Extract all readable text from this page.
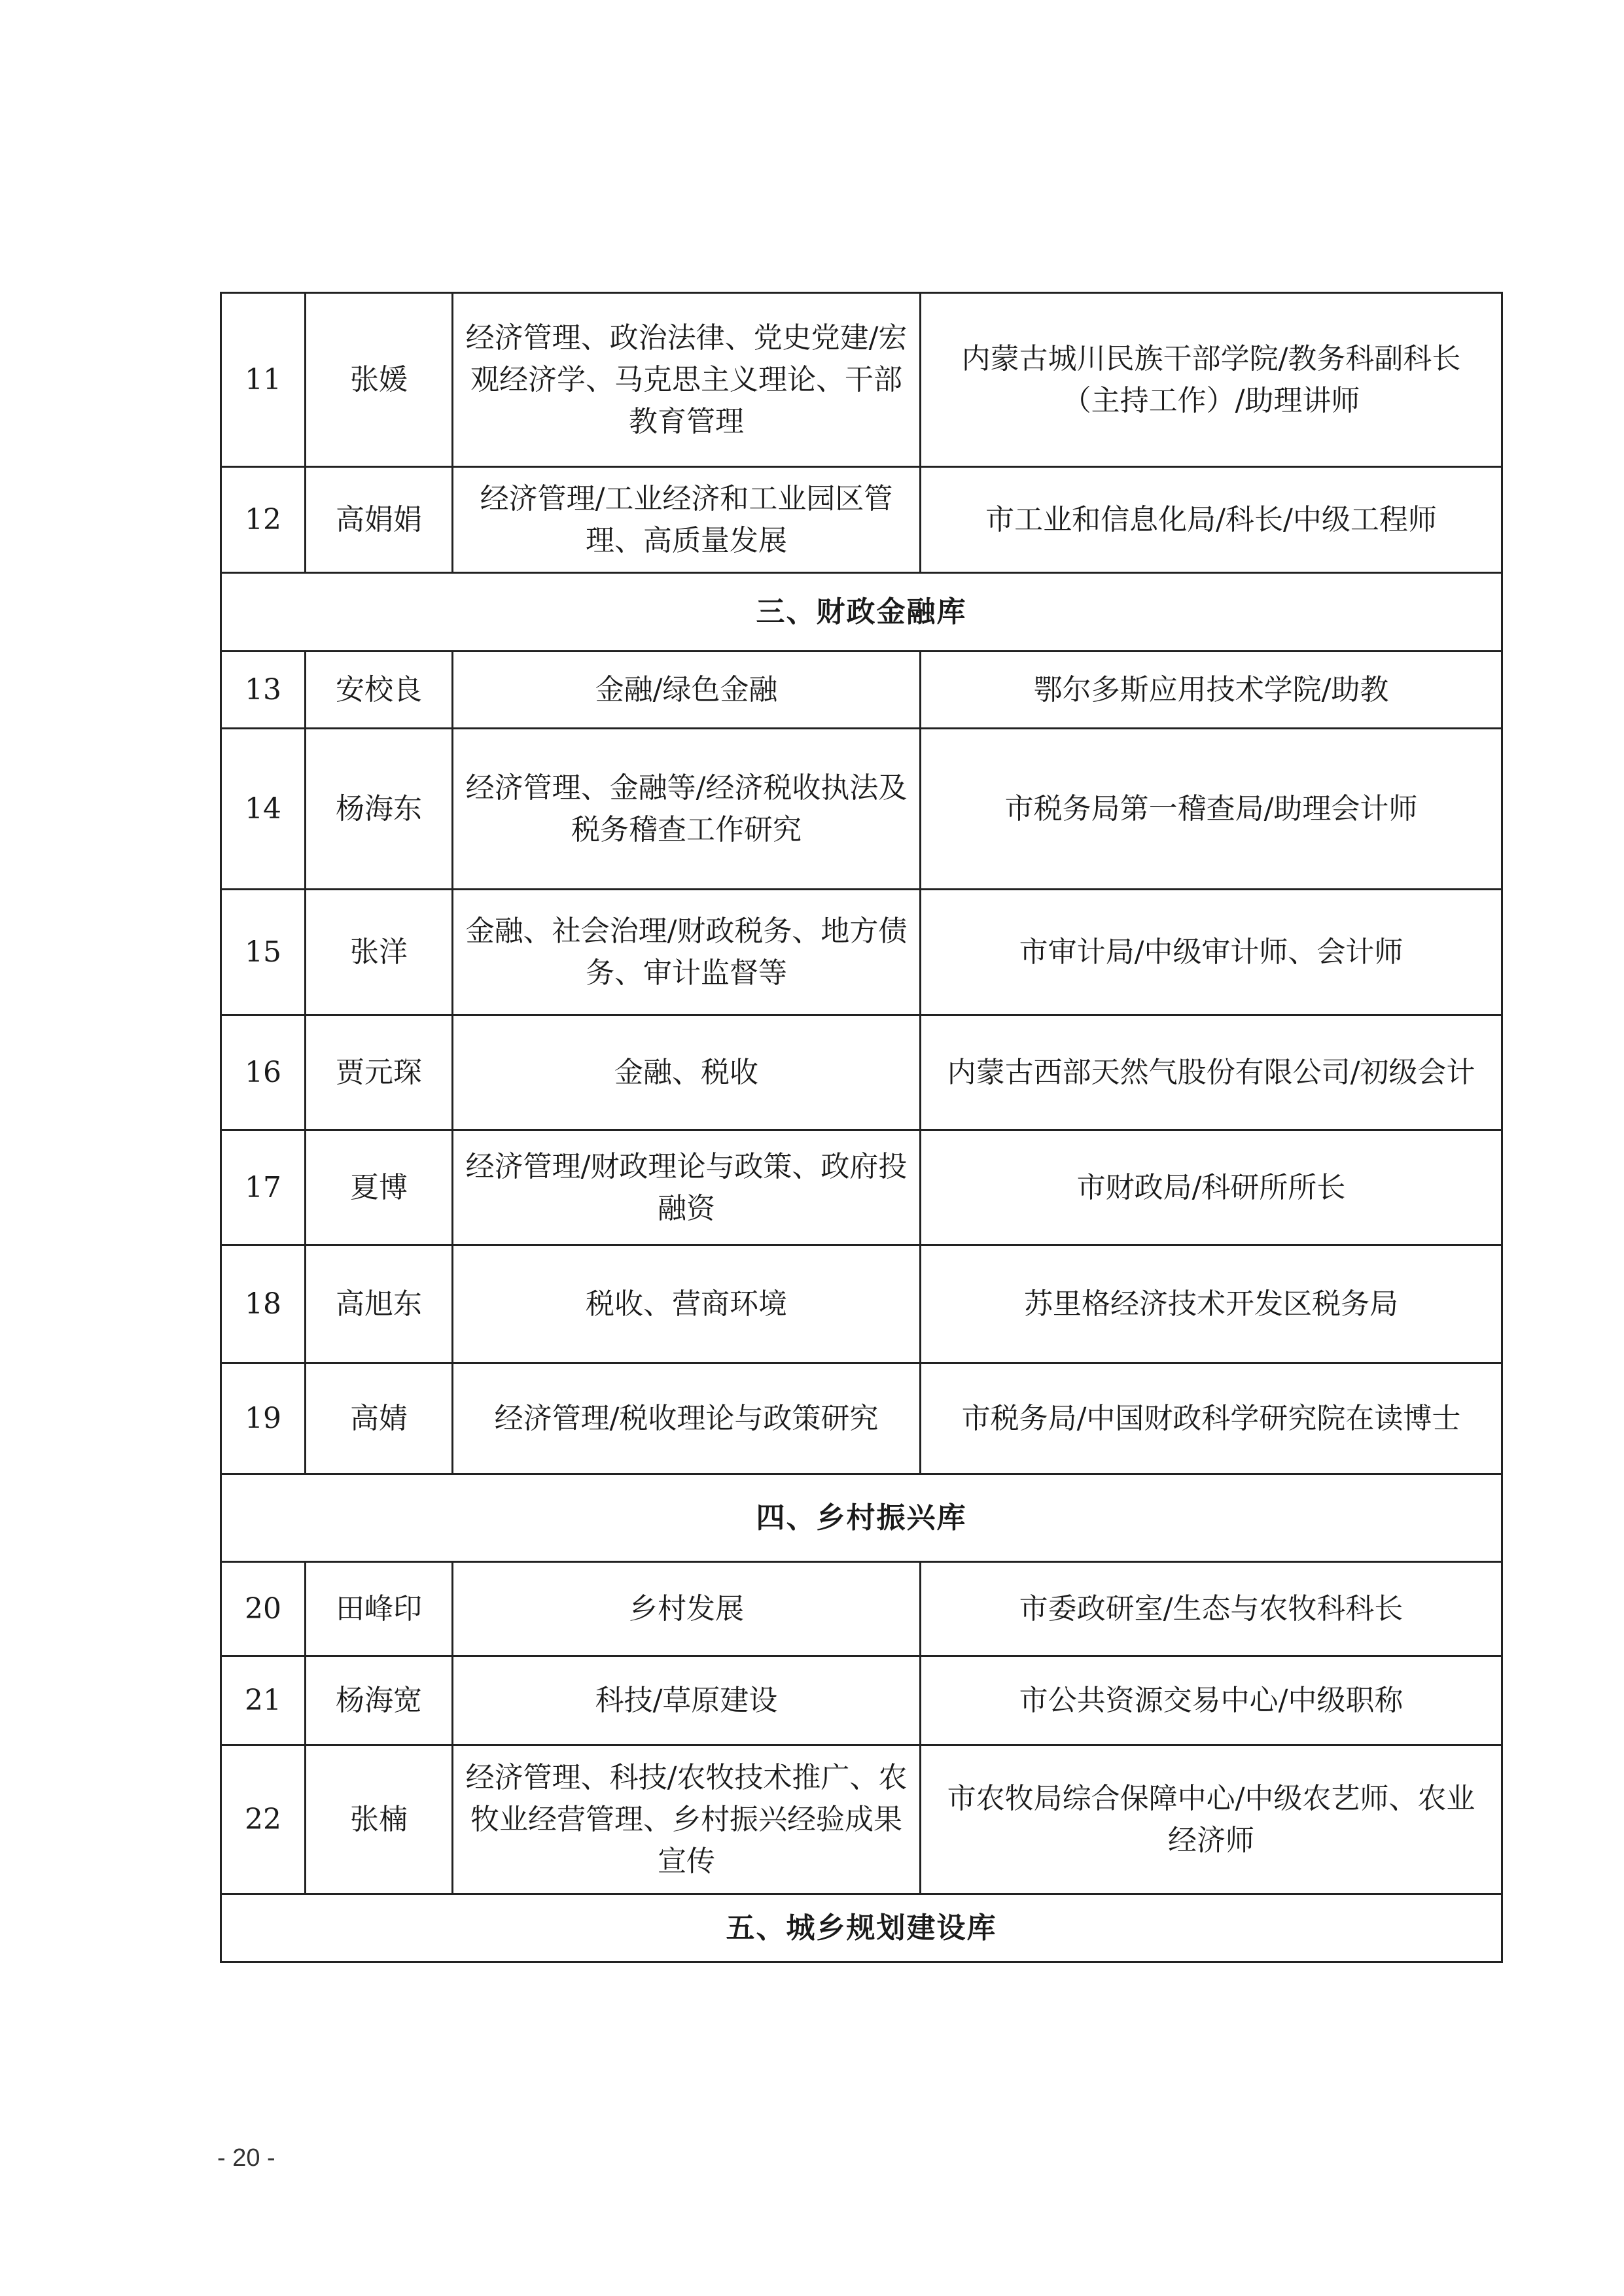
11	张媛	经济管理、政治法律、党史党建/宏观经济学、马克思主义理论、干部教育管理	内蒙古城川民族干部学院/教务科副科长（主持工作）/助理讲师
12	高娟娟	经济管理/工业经济和工业园区管理、高质量发展	市工业和信息化局/科长/中级工程师
三、财政金融库			
13	安校良	金融/绿色金融	鄂尔多斯应用技术学院/助教
14	杨海东	经济管理、金融等/经济税收执法及税务稽查工作研究	市税务局第一稽查局/助理会计师
15	张洋	金融、社会治理/财政税务、地方债务、审计监督等	市审计局/中级审计师、会计师
16	贾元琛	金融、税收	内蒙古西部天然气股份有限公司/初级会计
17	夏博	经济管理/财政理论与政策、政府投融资	市财政局/科研所所长
18	高旭东	税收、营商环境	苏里格经济技术开发区税务局
19	高婧	经济管理/税收理论与政策研究	市税务局/中国财政科学研究院在读博士
四、乡村振兴库			
20	田峰印	乡村发展	市委政研室/生态与农牧科科长
21	杨海宽	科技/草原建设	市公共资源交易中心/中级职称
22	张楠	经济管理、科技/农牧技术推广、农牧业经营管理、乡村振兴经验成果宣传	市农牧局综合保障中心/中级农艺师、农业经济师
五、城乡规划建设库			
- 20 -
